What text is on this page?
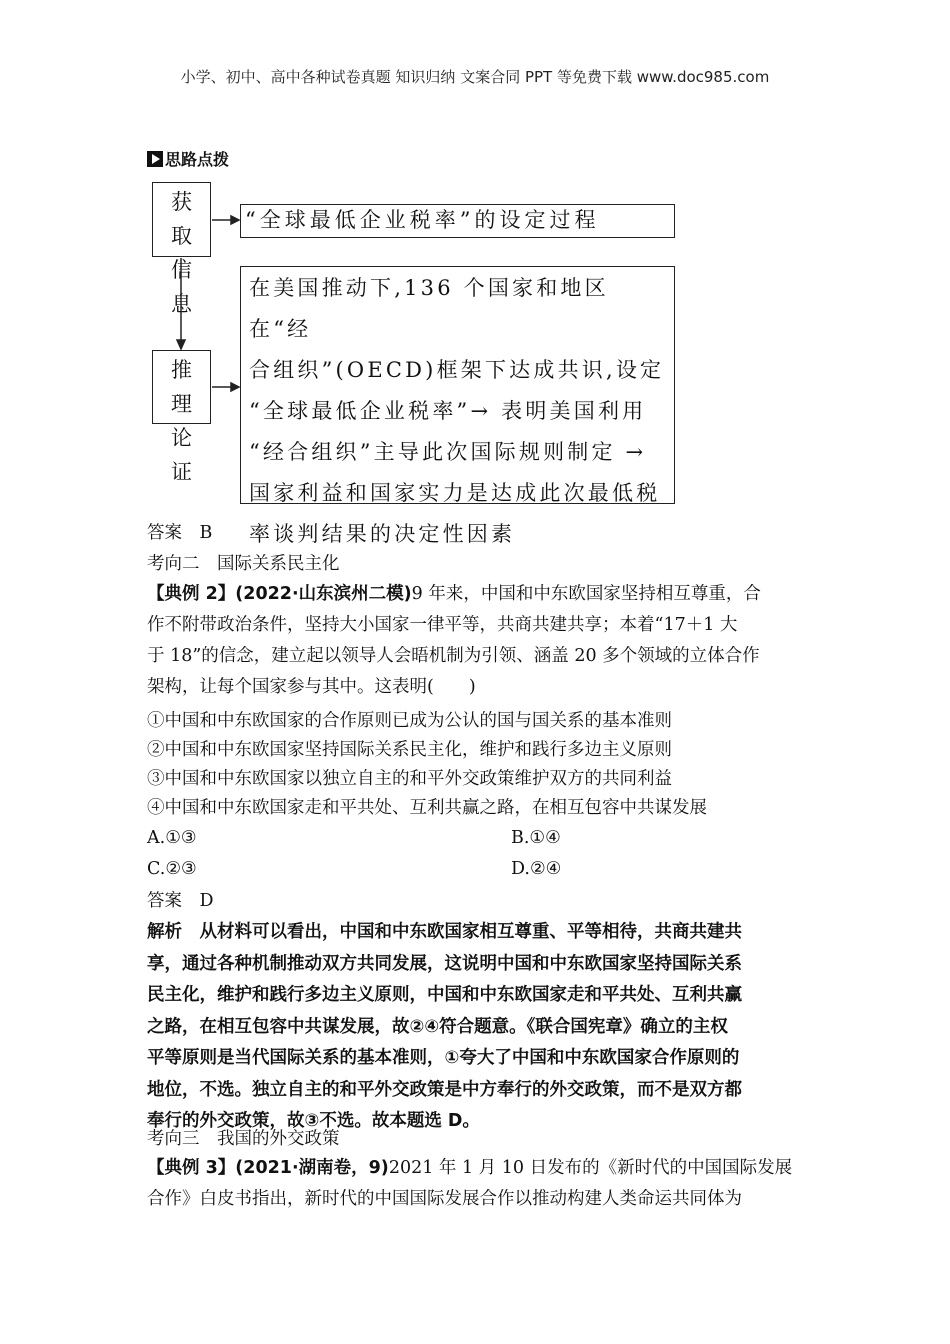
小学、初中、高中各种试卷真题 知识归纳 文案合同 PPT 等免费下载 www.doc985.com
思路点拨
获取
信息
“全球最低企业税率”的设定过程
推理
论证
在美国推动下,136 个国家和地区在“经
合组织”(OECD)框架下达成共识,设定
“全球最低企业税率”→ 表明美国利用
“经合组织”主导此次国际规则制定 →
国家利益和国家实力是达成此次最低税
率谈判结果的决定性因素
答案　B
考向二　国际关系民主化
【典例 2】(2022·山东滨州二模)9 年来，中国和中东欧国家坚持相互尊重，合
作不附带政治条件，坚持大小国家一律平等，共商共建共享；本着“17＋1 大
于 18”的信念，建立起以领导人会晤机制为引领、涵盖 20 多个领域的立体合作
架构，让每个国家参与其中。这表明(　　)
①中国和中东欧国家的合作原则已成为公认的国与国关系的基本准则
②中国和中东欧国家坚持国际关系民主化，维护和践行多边主义原则
③中国和中东欧国家以独立自主的和平外交政策维护双方的共同利益
④中国和中东欧国家走和平共处、互利共赢之路，在相互包容中共谋发展
A.①③	B.①④
C.②③	D.②④
答案　D
解析　从材料可以看出，中国和中东欧国家相互尊重、平等相待，共商共建共
享，通过各种机制推动双方共同发展，这说明中国和中东欧国家坚持国际关系
民主化，维护和践行多边主义原则，中国和中东欧国家走和平共处、互利共赢
之路，在相互包容中共谋发展，故②④符合题意。《联合国宪章》确立的主权
平等原则是当代国际关系的基本准则，①夸大了中国和中东欧国家合作原则的
地位，不选。独立自主的和平外交政策是中方奉行的外交政策，而不是双方都
奉行的外交政策，故③不选。故本题选 D。
考向三　我国的外交政策
【典例 3】(2021·湖南卷，9)2021 年 1 月 10 日发布的《新时代的中国国际发展
合作》白皮书指出，新时代的中国国际发展合作以推动构建人类命运共同体为
